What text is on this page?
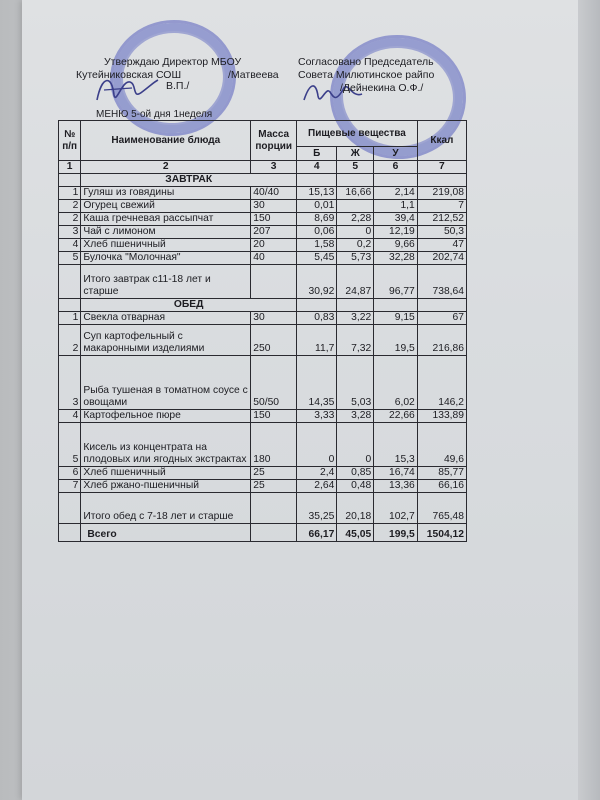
Утверждаю Директор МБОУ
Кутейниковская СОШ	/Матвеева
В.П./
Согласовано Председатель
Совета Милютинское райпо
/Дейнекина О.Ф./
МЕНЮ 5-ой дня 1неделя
№ п/п	Наименование блюда	Масса порции	Пищевые вещества			Ккал
			Б	Ж	У	
1	2	3	4	5	6	7
	ЗАВТРАК					
1	Гуляш из говядины	40/40	15,13	16,66	2,14	219,08
2	Огурец свежий	30	0,01		1,1	7
2	Каша гречневая рассыпчат	150	8,69	2,28	39,4	212,52
3	Чай с лимоном	207	0,06	0	12,19	50,3
4	Хлеб пшеничный	20	1,58	0,2	9,66	47
5	Булочка "Молочная"	40	5,45	5,73	32,28	202,74
	Итого завтрак с11-18 лет и старше		30,92	24,87	96,77	738,64
	ОБЕД					
1	Свекла отварная	30	0,83	3,22	9,15	67
2	Суп картофельный с макаронными изделиями	250	11,7	7,32	19,5	216,86
3	Рыба тушеная в томатном соусе с овощами	50/50	14,35	5,03	6,02	146,2
4	Картофельное пюре	150	3,33	3,28	22,66	133,89
5	Кисель из концентрата на плодовых или ягодных экстрактах	180	0	0	15,3	49,6
6	Хлеб пшеничный	25	2,4	0,85	16,74	85,77
7	Хлеб ржано-пшеничный	25	2,64	0,48	13,36	66,16
	Итого обед с 7-18 лет и старше		35,25	20,18	102,7	765,48
	Всего		66,17	45,05	199,5	1504,12
